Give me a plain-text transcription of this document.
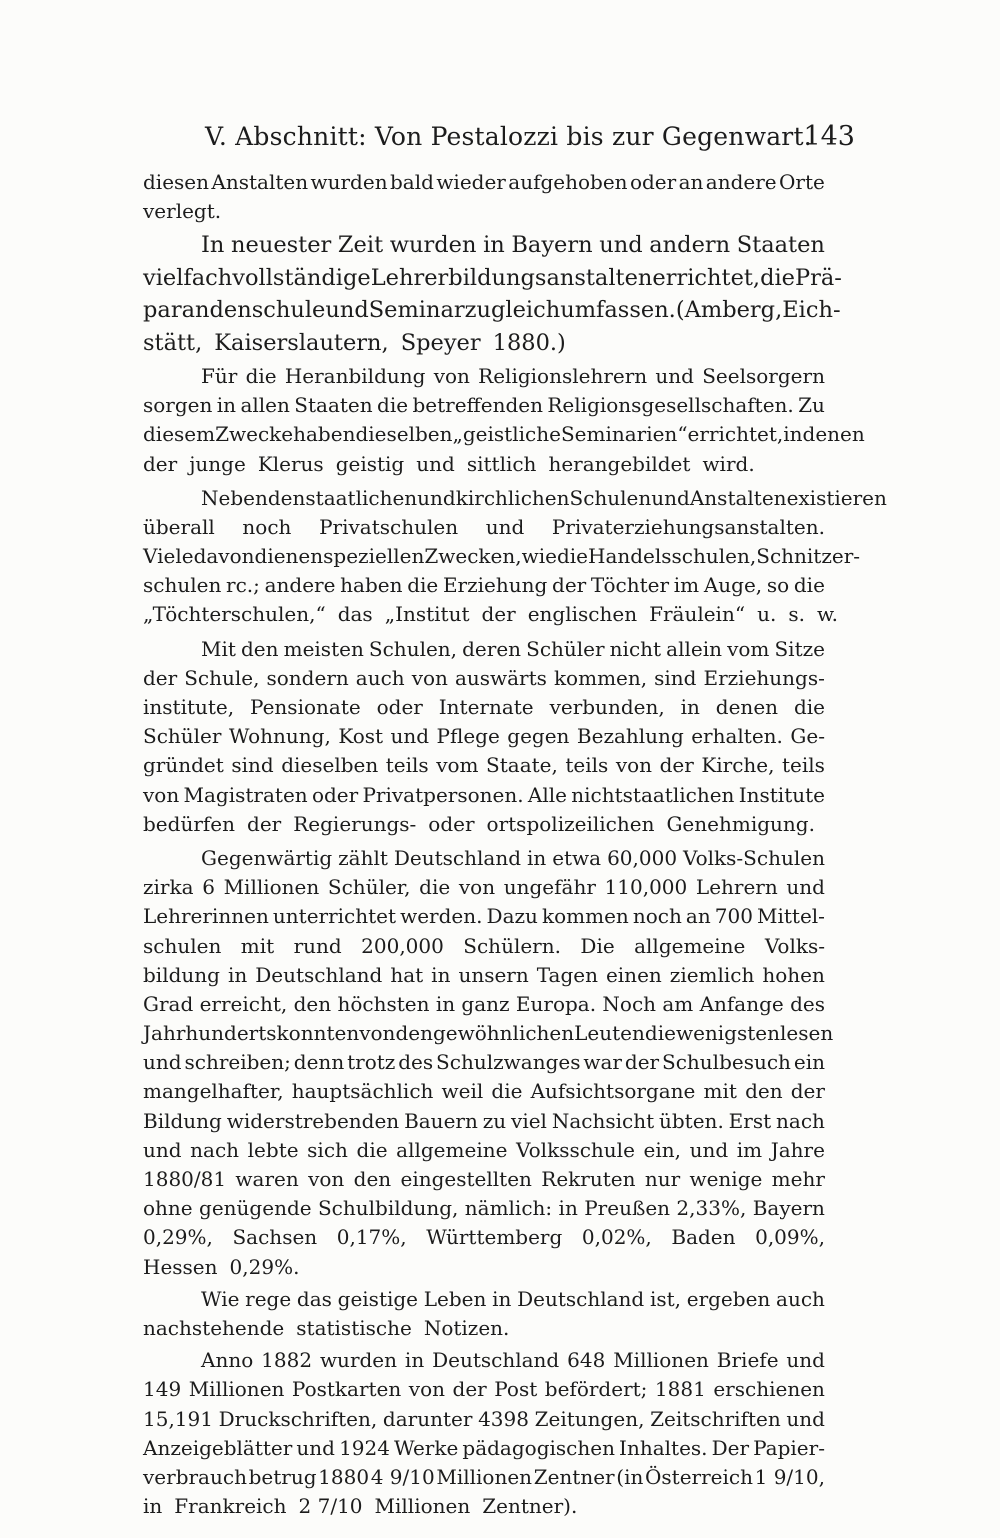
V. Abschnitt: Von Pestalozzi bis zur Gegenwart.
143
diesen Anstalten wurden bald wieder aufgehoben oder an andere Orte
verlegt.
In neuester Zeit wurden in Bayern und andern Staaten
vielfach vollständige Lehrerbildungsanstalten errichtet, die Prä-
parandenschule und Seminar zugleich umfassen. (Amberg, Eich-
stätt, Kaiserslautern, Speyer 1880.)
Für die Heranbildung von Religionslehrern und Seelsorgern
sorgen in allen Staaten die betreffenden Religionsgesellschaften. Zu
diesem Zwecke haben dieselben „geistliche Seminarien“ errichtet, in denen
der junge Klerus geistig und sittlich herangebildet wird.
Neben den staatlichen und kirchlichen Schulen und Anstalten existieren
überall noch Privatschulen und Privaterziehungsanstalten.
Viele davon dienen speziellen Zwecken, wie die Handelsschulen, Schnitzer-
schulen rc.; andere haben die Erziehung der Töchter im Auge, so die
„Töchterschulen,“ das „Institut der englischen Fräulein“ u. s. w.
Mit den meisten Schulen, deren Schüler nicht allein vom Sitze
der Schule, sondern auch von auswärts kommen, sind Erziehungs-
institute, Pensionate oder Internate verbunden, in denen die
Schüler Wohnung, Kost und Pflege gegen Bezahlung erhalten. Ge-
gründet sind dieselben teils vom Staate, teils von der Kirche, teils
von Magistraten oder Privatpersonen. Alle nichtstaatlichen Institute
bedürfen der Regierungs- oder ortspolizeilichen Genehmigung.
Gegenwärtig zählt Deutschland in etwa 60,000 Volks-Schulen
zirka 6 Millionen Schüler, die von ungefähr 110,000 Lehrern und
Lehrerinnen unterrichtet werden. Dazu kommen noch an 700 Mittel-
schulen mit rund 200,000 Schülern. Die allgemeine Volks-
bildung in Deutschland hat in unsern Tagen einen ziemlich hohen
Grad erreicht, den höchsten in ganz Europa. Noch am Anfange des
Jahrhunderts konnten von den gewöhnlichen Leuten die wenigsten lesen
und schreiben; denn trotz des Schulzwanges war der Schulbesuch ein
mangelhafter, hauptsächlich weil die Aufsichtsorgane mit den der
Bildung widerstrebenden Bauern zu viel Nachsicht übten. Erst nach
und nach lebte sich die allgemeine Volksschule ein, und im Jahre
1880/81 waren von den eingestellten Rekruten nur wenige mehr
ohne genügende Schulbildung, nämlich: in Preußen 2,33%, Bayern
0,29%, Sachsen 0,17%, Württemberg 0,02%, Baden 0,09%,
Hessen 0,29%.
Wie rege das geistige Leben in Deutschland ist, ergeben auch
nachstehende statistische Notizen.
Anno 1882 wurden in Deutschland 648 Millionen Briefe und
149 Millionen Postkarten von der Post befördert; 1881 erschienen
15,191 Druckschriften, darunter 4398 Zeitungen, Zeitschriften und
Anzeigeblätter und 1924 Werke pädagogischen Inhaltes. Der Papier-
verbrauch betrug 1880 4 9/10 Millionen Zentner (in Österreich 1 9/10,
in Frankreich 2 7/10 Millionen Zentner).
